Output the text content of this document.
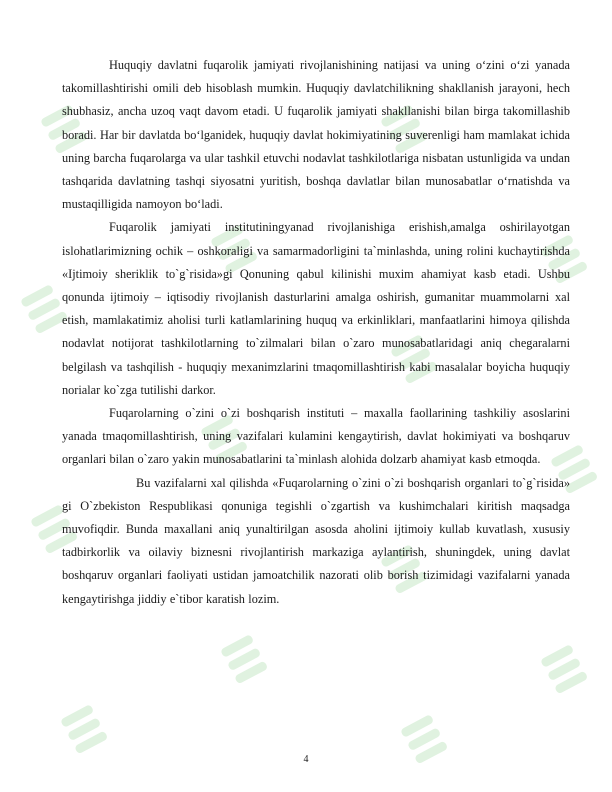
Huquqiy davlatni fuqarolik jamiyati rivojlanishining natijasi va uning o‘zini o‘zi yanada takomillashtirishi omili deb hisoblash mumkin. Huquqiy davlatchilikning shakllanish jarayoni, hech shubhasiz, ancha uzoq vaqt davom etadi. U fuqarolik jamiyati shakllanishi bilan birga takomillashib boradi. Har bir davlatda bo‘lganidek, huquqiy davlat hokimiyatining suverenligi ham mamlakat ichida uning barcha fuqarolarga va ular tashkil etuvchi nodavlat tashkilotlariga nisbatan ustunligida va undan tashqarida davlatning tashqi siyosatni yuritish, boshqa davlatlar bilan munosabatlar o‘rnatishda va mustaqilligida namoyon bo‘ladi.

Fuqarolik jamiyati institutiningyanad rivojlanishiga erishish,amalga oshirilayotgan islohatlarimizning ochik – oshkoraligi va samarmadorligini ta`minlashda, uning rolini kuchaytirishda «Ijtimoiy sheriklik to`g`risida»gi Qonuning qabul kilinishi muxim ahamiyat kasb etadi. Ushbu qonunda ijtimoiy – iqtisodiy rivojlanish dasturlarini amalga oshirish, gumanitar muammolarni xal etish, mamlakatimiz aholisi turli katlamlarining huquq va erkinliklari, manfaatlarini himoya qilishda nodavlat notijorat tashkilotlarning to`zilmalari bilan o`zaro munosabatlaridagi aniq chegaralarni belgilash va tashqilish - huquqiy mexanimzlarini tmaqomillashtirish kabi masalalar boyicha huquqiy norialar ko`zga tutilishi darkor.

Fuqarolarning o`zini o`zi boshqarish instituti – maxalla faollarining tashkiliy asoslarini yanada tmaqomillashtirish, uning vazifalari kulamini kengaytirish, davlat hokimiyati va boshqaruv organlari bilan o`zaro yakin munosabatlarini ta`minlash alohida dolzarb ahamiyat kasb etmoqda.

Bu vazifalarni xal qilishda «Fuqarolarning o`zini o`zi boshqarish organlari to`g`risida» gi O`zbekiston Respublikasi qonuniga tegishli o`zgartish va kushimchalari kiritish maqsadga muvofiqdir. Bunda maxallani aniq yunaltirilgan asosda aholini ijtimoiy kullab kuvatlash, xususiy tadbirkorlik va oilaviy biznesni rivojlantirish markaziga aylantirish, shuningdek, uning davlat boshqaruv organlari faoliyati ustidan jamoatchilik nazorati olib borish tizimidagi vazifalarni yanada kengaytirishga jiddiy e`tibor karatish lozim.

4
